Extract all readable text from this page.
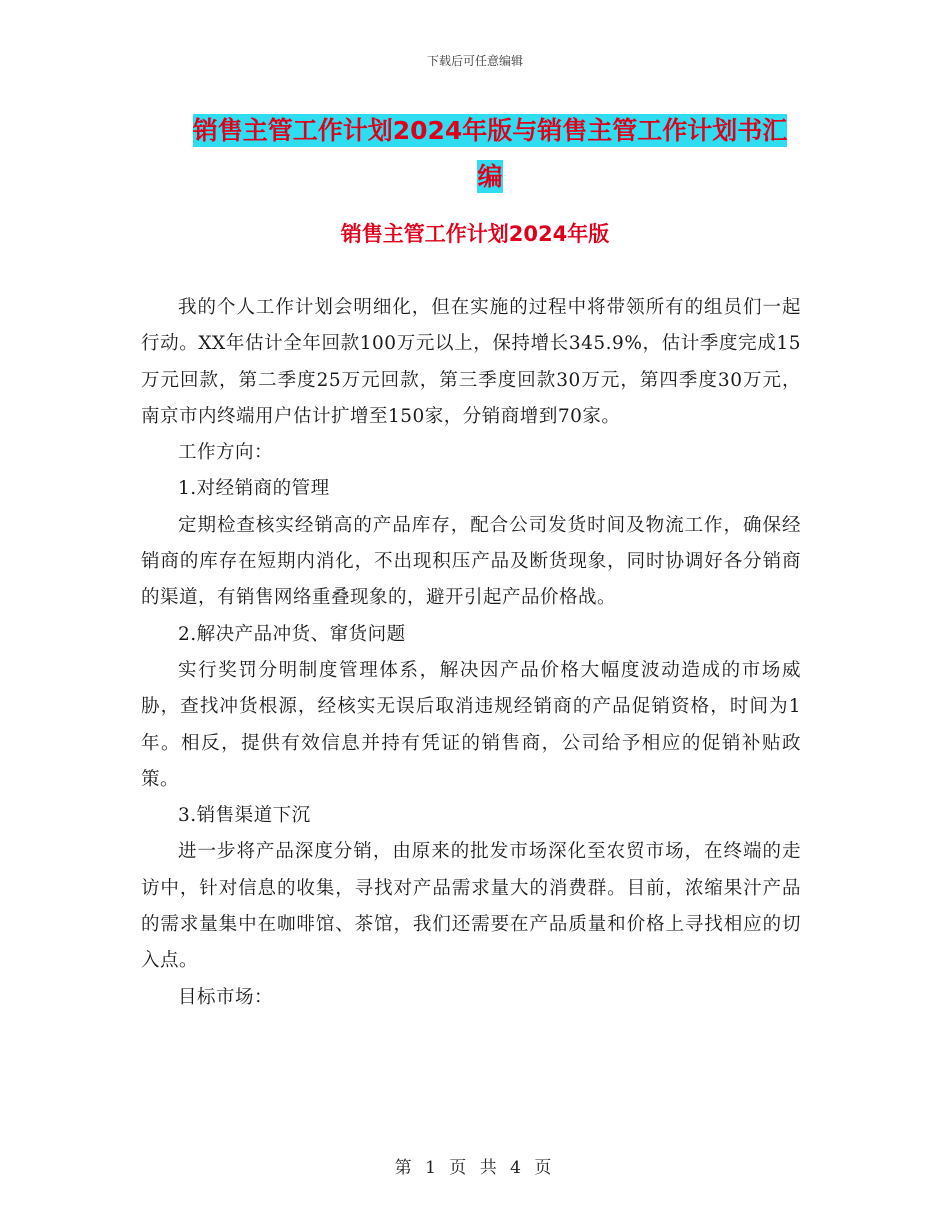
下载后可任意编辑
销售主管工作计划2024年版与销售主管工作计划书汇
编
销售主管工作计划2024年版

我的个人工作计划会明细化，但在实施的过程中将带领所有的组员们一起行动。XX年估计全年回款100万元以上，保持增长345.9%，估计季度完成15万元回款，第二季度25万元回款，第三季度回款30万元，第四季度30万元，南京市内终端用户估计扩增至150家，分销商增到70家。

工作方向：

1.对经销商的管理

定期检查核实经销高的产品库存，配合公司发货时间及物流工作，确保经销商的库存在短期内消化，不出现积压产品及断货现象，同时协调好各分销商的渠道，有销售网络重叠现象的，避开引起产品价格战。

2.解决产品冲货、窜货问题

实行奖罚分明制度管理体系，解决因产品价格大幅度波动造成的市场威胁，查找冲货根源，经核实无误后取消违规经销商的产品促销资格，时间为1年。相反，提供有效信息并持有凭证的销售商，公司给予相应的促销补贴政策。

3.销售渠道下沉

进一步将产品深度分销，由原来的批发市场深化至农贸市场，在终端的走访中，针对信息的收集，寻找对产品需求量大的消费群。目前，浓缩果汁产品的需求量集中在咖啡馆、茶馆，我们还需要在产品质量和价格上寻找相应的切入点。

目标市场：

第 1 页 共 4 页
